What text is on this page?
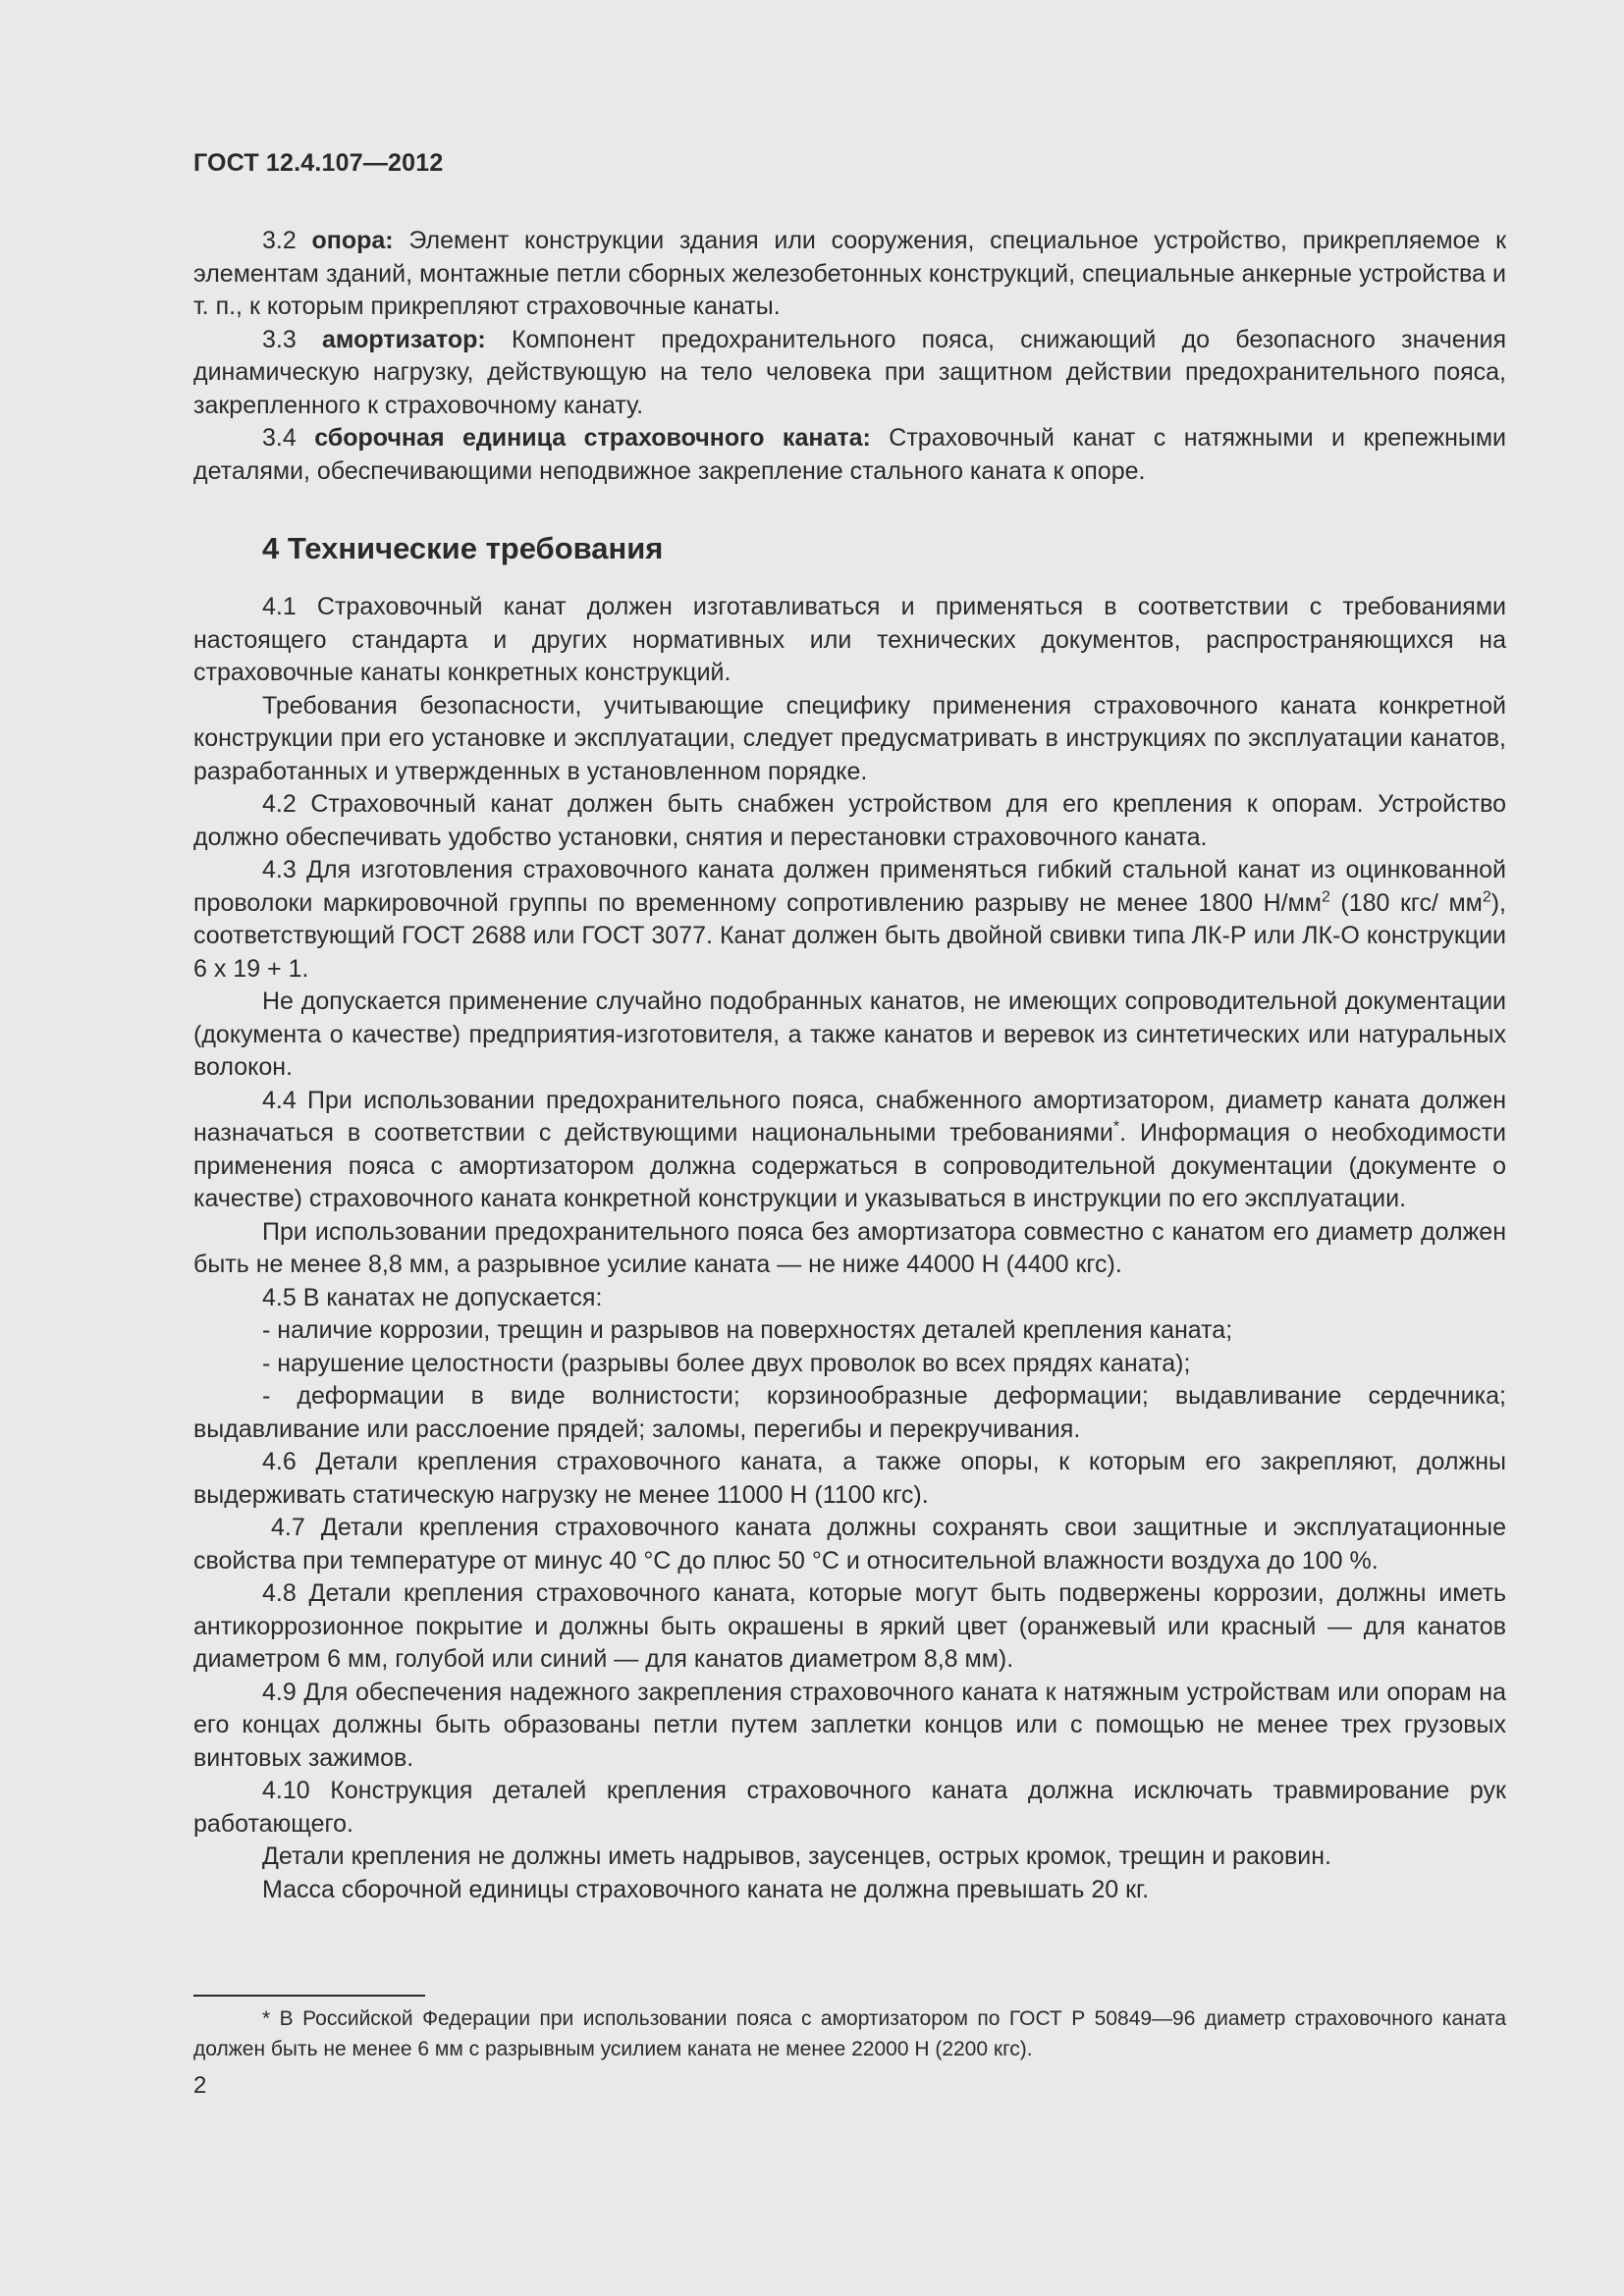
ГОСТ 12.4.107—2012

3.2 опора: Элемент конструкции здания или сооружения, специальное устройство, прикрепляемое к элементам зданий, монтажные петли сборных железобетонных конструкций, специальные анкерные устройства и т. п., к которым прикрепляют страховочные канаты.

3.3 амортизатор: Компонент предохранительного пояса, снижающий до безопасного значения динамическую нагрузку, действующую на тело человека при защитном действии предохранительного пояса, закрепленного к страховочному канату.

3.4 сборочная единица страховочного каната: Страховочный канат с натяжными и крепежными деталями, обеспечивающими неподвижное закрепление стального каната к опоре.

4 Технические требования

4.1 Страховочный канат должен изготавливаться и применяться в соответствии с требованиями настоящего стандарта и других нормативных или технических документов, распространяющихся на страховочные канаты конкретных конструкций.

Требования безопасности, учитывающие специфику применения страховочного каната конкретной конструкции при его установке и эксплуатации, следует предусматривать в инструкциях по эксплуатации канатов, разработанных и утвержденных в установленном порядке.

4.2 Страховочный канат должен быть снабжен устройством для его крепления к опорам. Устройство должно обеспечивать удобство установки, снятия и перестановки страховочного каната.

4.3 Для изготовления страховочного каната должен применяться гибкий стальной канат из оцинкованной проволоки маркировочной группы по временному сопротивлению разрыву не менее 1800 $Н/мм^2$ (180 кгс/ $мм^2$), соответствующий ГОСТ 2688 или ГОСТ 3077. Канат должен быть двойной свивки типа ЛК-Р или ЛК-О конструкции 6 х 19 + 1.

Не допускается применение случайно подобранных канатов, не имеющих сопроводительной документации (документа о качестве) предприятия-изготовителя, а также канатов и веревок из синтетических или натуральных волокон.

4.4 При использовании предохранительного пояса, снабженного амортизатором, диаметр каната должен назначаться в соответствии с действующими национальными требованиями*. Информация о необходимости применения пояса с амортизатором должна содержаться в сопроводительной документации (документе о качестве) страховочного каната конкретной конструкции и указываться в инструкции по его эксплуатации.

При использовании предохранительного пояса без амортизатора совместно с канатом его диаметр должен быть не менее 8,8 мм, а разрывное усилие каната — не ниже 44000 Н (4400 кгс).

4.5 В канатах не допускается:

- наличие коррозии, трещин и разрывов на поверхностях деталей крепления каната;

- нарушение целостности (разрывы более двух проволок во всех прядях каната);

- деформации в виде волнистости; корзинообразные деформации; выдавливание сердечника; выдавливание или расслоение прядей; заломы, перегибы и перекручивания.

4.6 Детали крепления страховочного каната, а также опоры, к которым его закрепляют, должны выдерживать статическую нагрузку не менее 11000 Н (1100 кгс).

4.7 Детали крепления страховочного каната должны сохранять свои защитные и эксплуатационные свойства при температуре от минус 40 °С до плюс 50 °С и относительной влажности воздуха до 100 %.

4.8 Детали крепления страховочного каната, которые могут быть подвержены коррозии, должны иметь антикоррозионное покрытие и должны быть окрашены в яркий цвет (оранжевый или красный — для канатов диаметром 6 мм, голубой или синий — для канатов диаметром 8,8 мм).

4.9 Для обеспечения надежного закрепления страховочного каната к натяжным устройствам или опорам на его концах должны быть образованы петли путем заплетки концов или с помощью не менее трех грузовых винтовых зажимов.

4.10 Конструкция деталей крепления страховочного каната должна исключать травмирование рук работающего.

Детали крепления не должны иметь надрывов, заусенцев, острых кромок, трещин и раковин.

Масса сборочной единицы страховочного каната не должна превышать 20 кг.

* В Российской Федерации при использовании пояса с амортизатором по ГОСТ Р 50849—96 диаметр страховочного каната должен быть не менее 6 мм с разрывным усилием каната не менее 22000 Н (2200 кгс).

2
